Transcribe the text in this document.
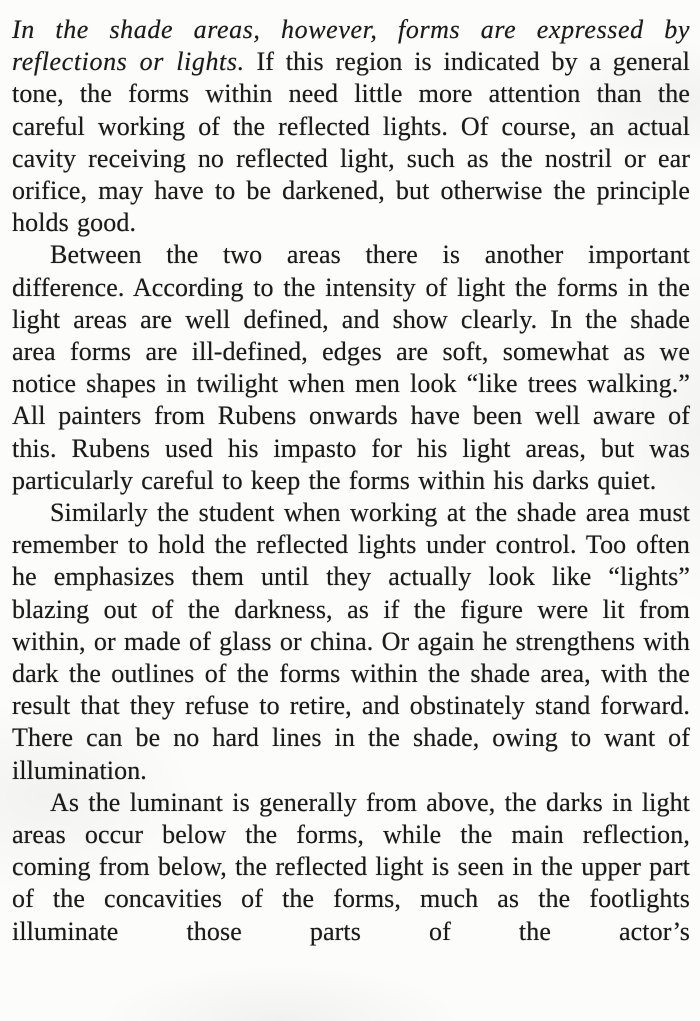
In the shade areas, however, forms are expressed by reflections or lights. If this region is indicated by a general tone, the forms within need little more attention than the careful working of the reflected lights. Of course, an actual cavity receiving no reflected light, such as the nostril or ear orifice, may have to be darkened, but otherwise the principle holds good.

Between the two areas there is another important difference. According to the intensity of light the forms in the light areas are well defined, and show clearly. In the shade area forms are ill-defined, edges are soft, somewhat as we notice shapes in twilight when men look “like trees walking.” All painters from Rubens onwards have been well aware of this. Rubens used his impasto for his light areas, but was particularly careful to keep the forms within his darks quiet.

Similarly the student when working at the shade area must remember to hold the reflected lights under control. Too often he emphasizes them until they actually look like “lights” blazing out of the darkness, as if the figure were lit from within, or made of glass or china. Or again he strengthens with dark the outlines of the forms within the shade area, with the result that they refuse to retire, and obstinately stand forward. There can be no hard lines in the shade, owing to want of illumination.

As the luminant is generally from above, the darks in light areas occur below the forms, while the main reflection, coming from below, the reflected light is seen in the upper part of the concavities of the forms, much as the footlights illuminate those parts of the actor’s
